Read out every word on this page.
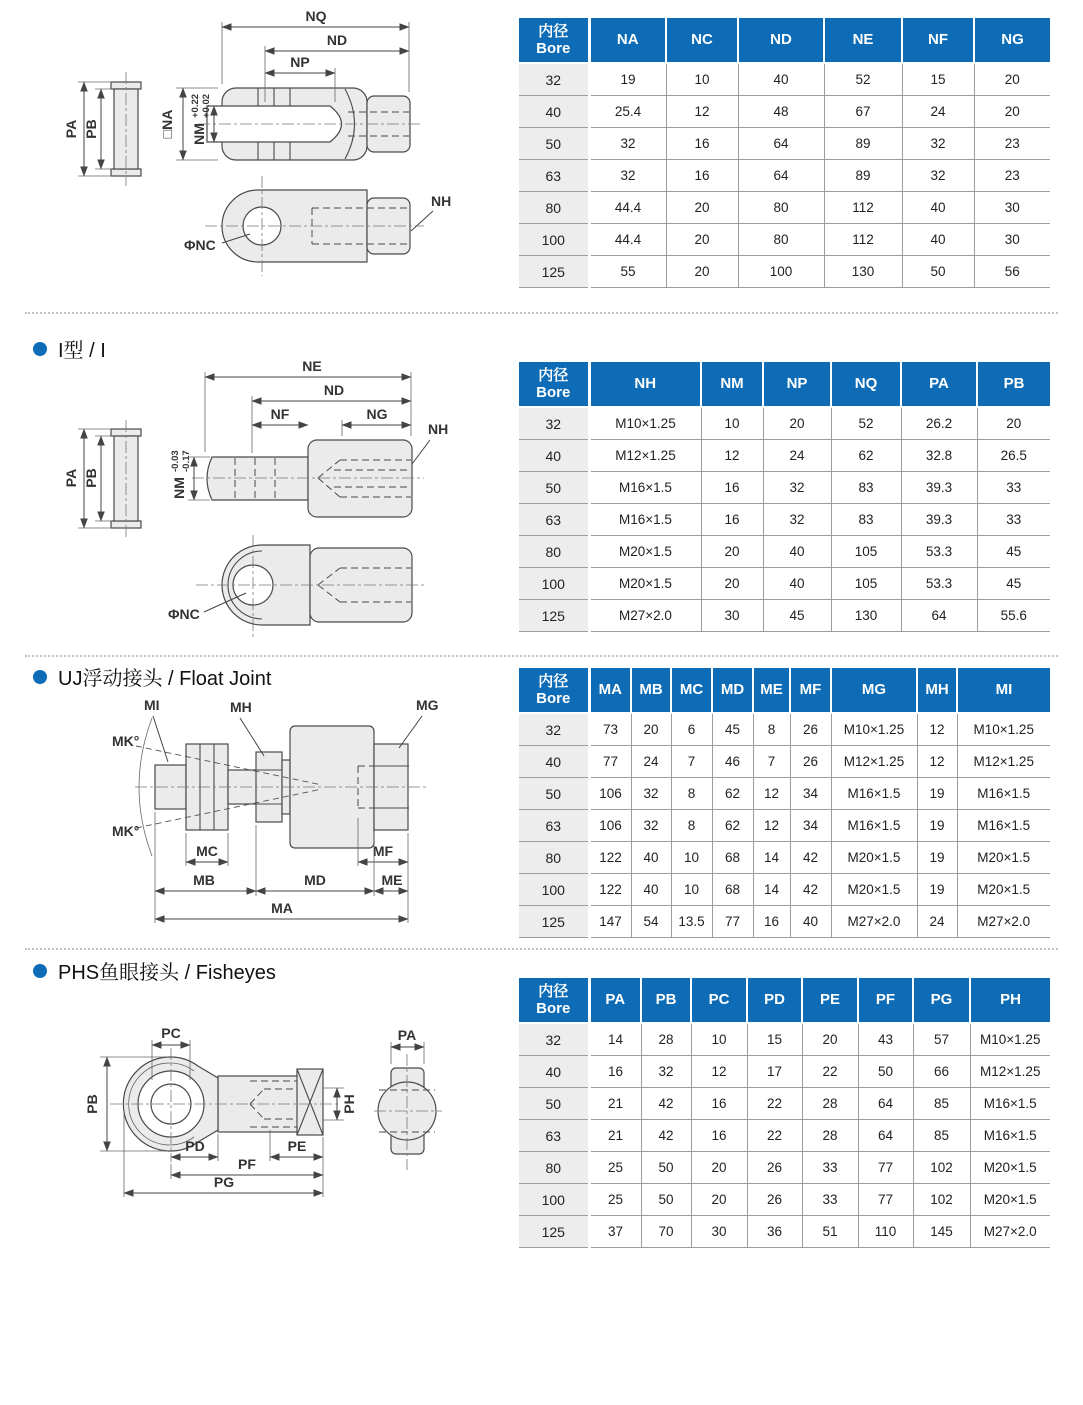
PA PB
NQ
ND
NP
□NA NM
+0.22 +0.02
NH
ΦNC
内径
Bore	NA	NC	ND	NE	NF	NG
32	19	10	40	52	15	20
40	25.4	12	48	67	24	20
50	32	16	64	89	32	23
63	32	16	64	89	32	23
80	44.4	20	80	112	40	30
100	44.4	20	80	112	40	30
125	55	20	100	130	50	56
I型 / I
PA PB	NM
-0.03 -0.17
NH
NE
ND
NF	NG
ΦNC
内径
Bore	NH	NM	NP	NQ	PA	PB
32	M10×1.25	10	20	52	26.2	20
40	M12×1.25	12	24	62	32.8	26.5
50	M16×1.5	16	32	83	39.3	33
63	M16×1.5	16	32	83	39.3	33
80	M20×1.5	20	40	105	53.3	45
100	M20×1.5	20	40	105	53.3	45
125	M27×2.0	30	45	130	64	55.6
UJ浮动接头 / Float Joint
MI	MH	MG
MK°
MK°
MC	MF
MB	MD	ME
MA
内径
Bore	MA	MB	MC	MD	ME	MF	MG	MH	MI
32	73	20	6	45	8	26	M10×1.25	12	M10×1.25
40	77	24	7	46	7	26	M12×1.25	12	M12×1.25
50	106	32	8	62	12	34	M16×1.5	19	M16×1.5
63	106	32	8	62	12	34	M16×1.5	19	M16×1.5
80	122	40	10	68	14	42	M20×1.5	19	M20×1.5
100	122	40	10	68	14	42	M20×1.5	19	M20×1.5
125	147	54	13.5	77	16	40	M27×2.0	24	M27×2.0
PHS鱼眼接头 / Fisheyes
PC
PB	PH
PD	PE
PF
PG
PA
内径
Bore	PA	PB	PC	PD	PE	PF	PG	PH
32	14	28	10	15	20	43	57	M10×1.25
40	16	32	12	17	22	50	66	M12×1.25
50	21	42	16	22	28	64	85	M16×1.5
63	21	42	16	22	28	64	85	M16×1.5
80	25	50	20	26	33	77	102	M20×1.5
100	25	50	20	26	33	77	102	M20×1.5
125	37	70	30	36	51	110	145	M27×2.0
